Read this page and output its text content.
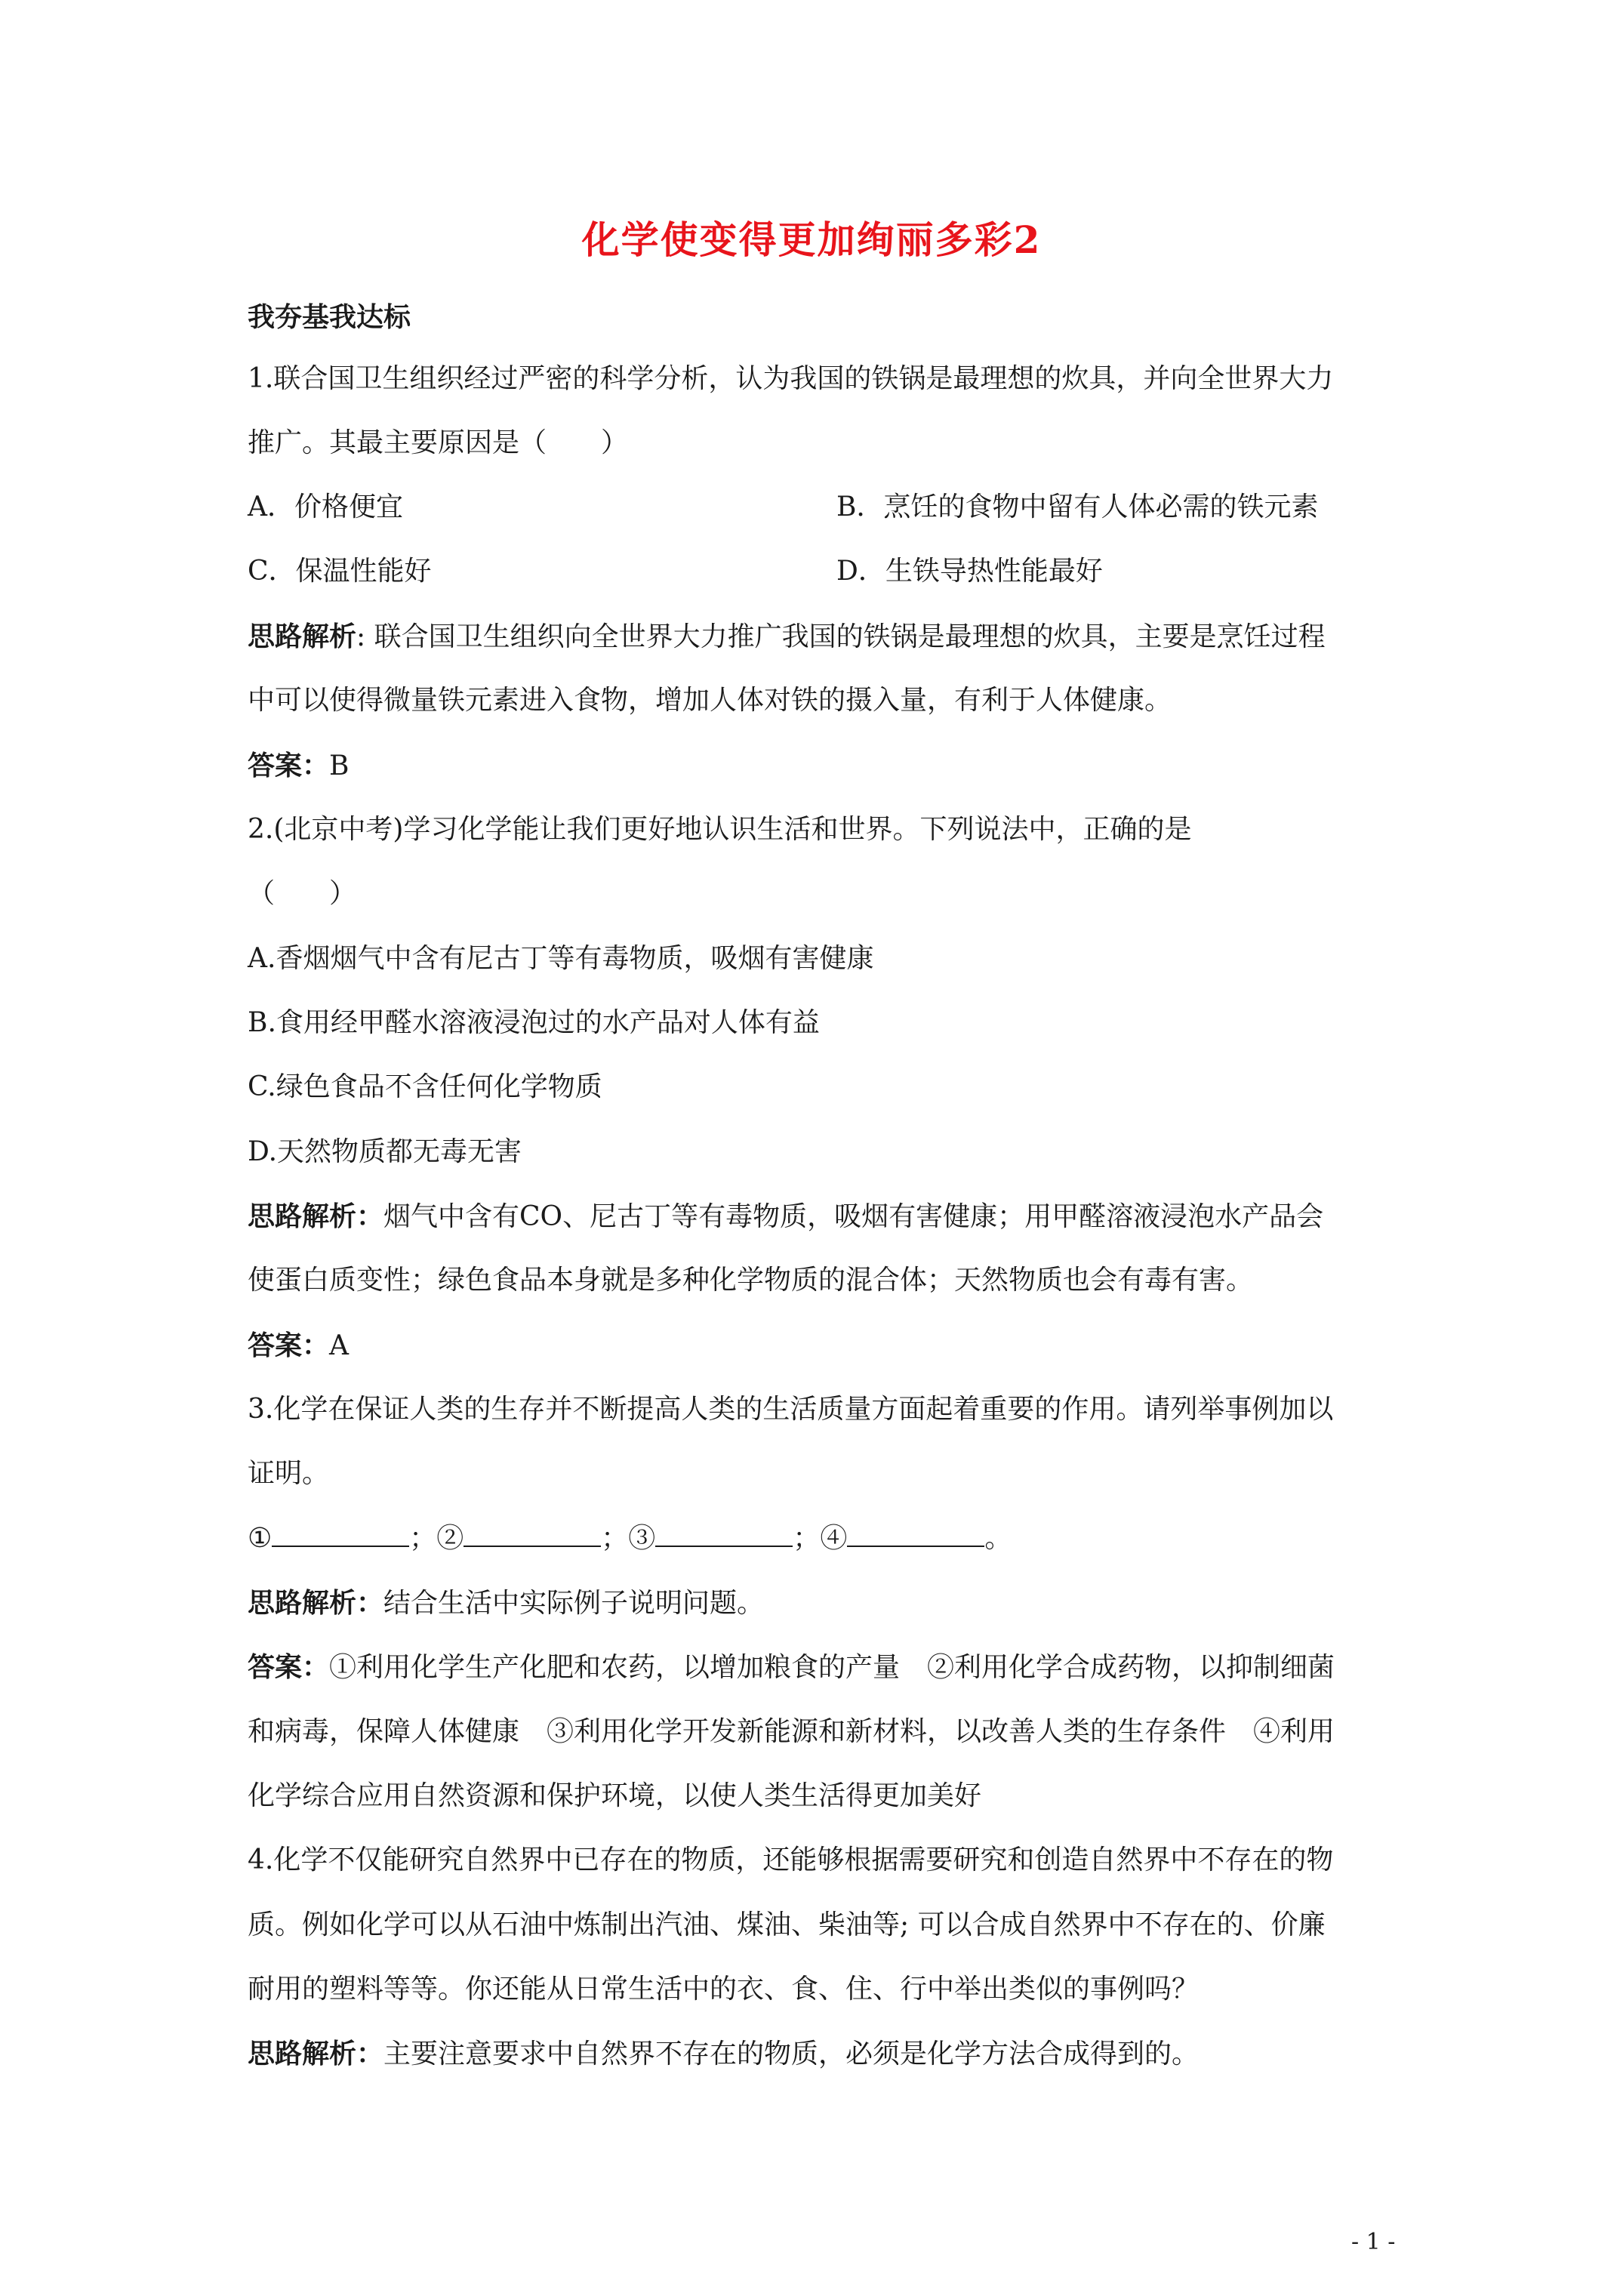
化学使变得更加绚丽多彩2
我夯基我达标
1.联合国卫生组织经过严密的科学分析，认为我国的铁锅是最理想的炊具，并向全世界大力
推广。其最主要原因是（　　）
A．价格便宜	B．烹饪的食物中留有人体必需的铁元素
C．保温性能好	D．生铁导热性能最好
思路解析: 联合国卫生组织向全世界大力推广我国的铁锅是最理想的炊具，主要是烹饪过程
中可以使得微量铁元素进入食物，增加人体对铁的摄入量，有利于人体健康。
答案：B
2.(北京中考)学习化学能让我们更好地认识生活和世界。下列说法中，正确的是
（　　）
A.香烟烟气中含有尼古丁等有毒物质，吸烟有害健康
B.食用经甲醛水溶液浸泡过的水产品对人体有益
C.绿色食品不含任何化学物质
D.天然物质都无毒无害
思路解析：烟气中含有CO、尼古丁等有毒物质，吸烟有害健康；用甲醛溶液浸泡水产品会
使蛋白质变性；绿色食品本身就是多种化学物质的混合体；天然物质也会有毒有害。
答案：A
3.化学在保证人类的生存并不断提高人类的生活质量方面起着重要的作用。请列举事例加以
证明。
①	；②	；③	；④	。
思路解析：结合生活中实际例子说明问题。
答案：①利用化学生产化肥和农药，以增加粮食的产量　②利用化学合成药物，以抑制细菌
和病毒，保障人体健康　③利用化学开发新能源和新材料，以改善人类的生存条件　④利用
化学综合应用自然资源和保护环境，以使人类生活得更加美好
4.化学不仅能研究自然界中已存在的物质，还能够根据需要研究和创造自然界中不存在的物
质。例如化学可以从石油中炼制出汽油、煤油、柴油等; 可以合成自然界中不存在的、价廉
耐用的塑料等等。你还能从日常生活中的衣、食、住、行中举出类似的事例吗？
思路解析：主要注意要求中自然界不存在的物质，必须是化学方法合成得到的。
- 1 -
